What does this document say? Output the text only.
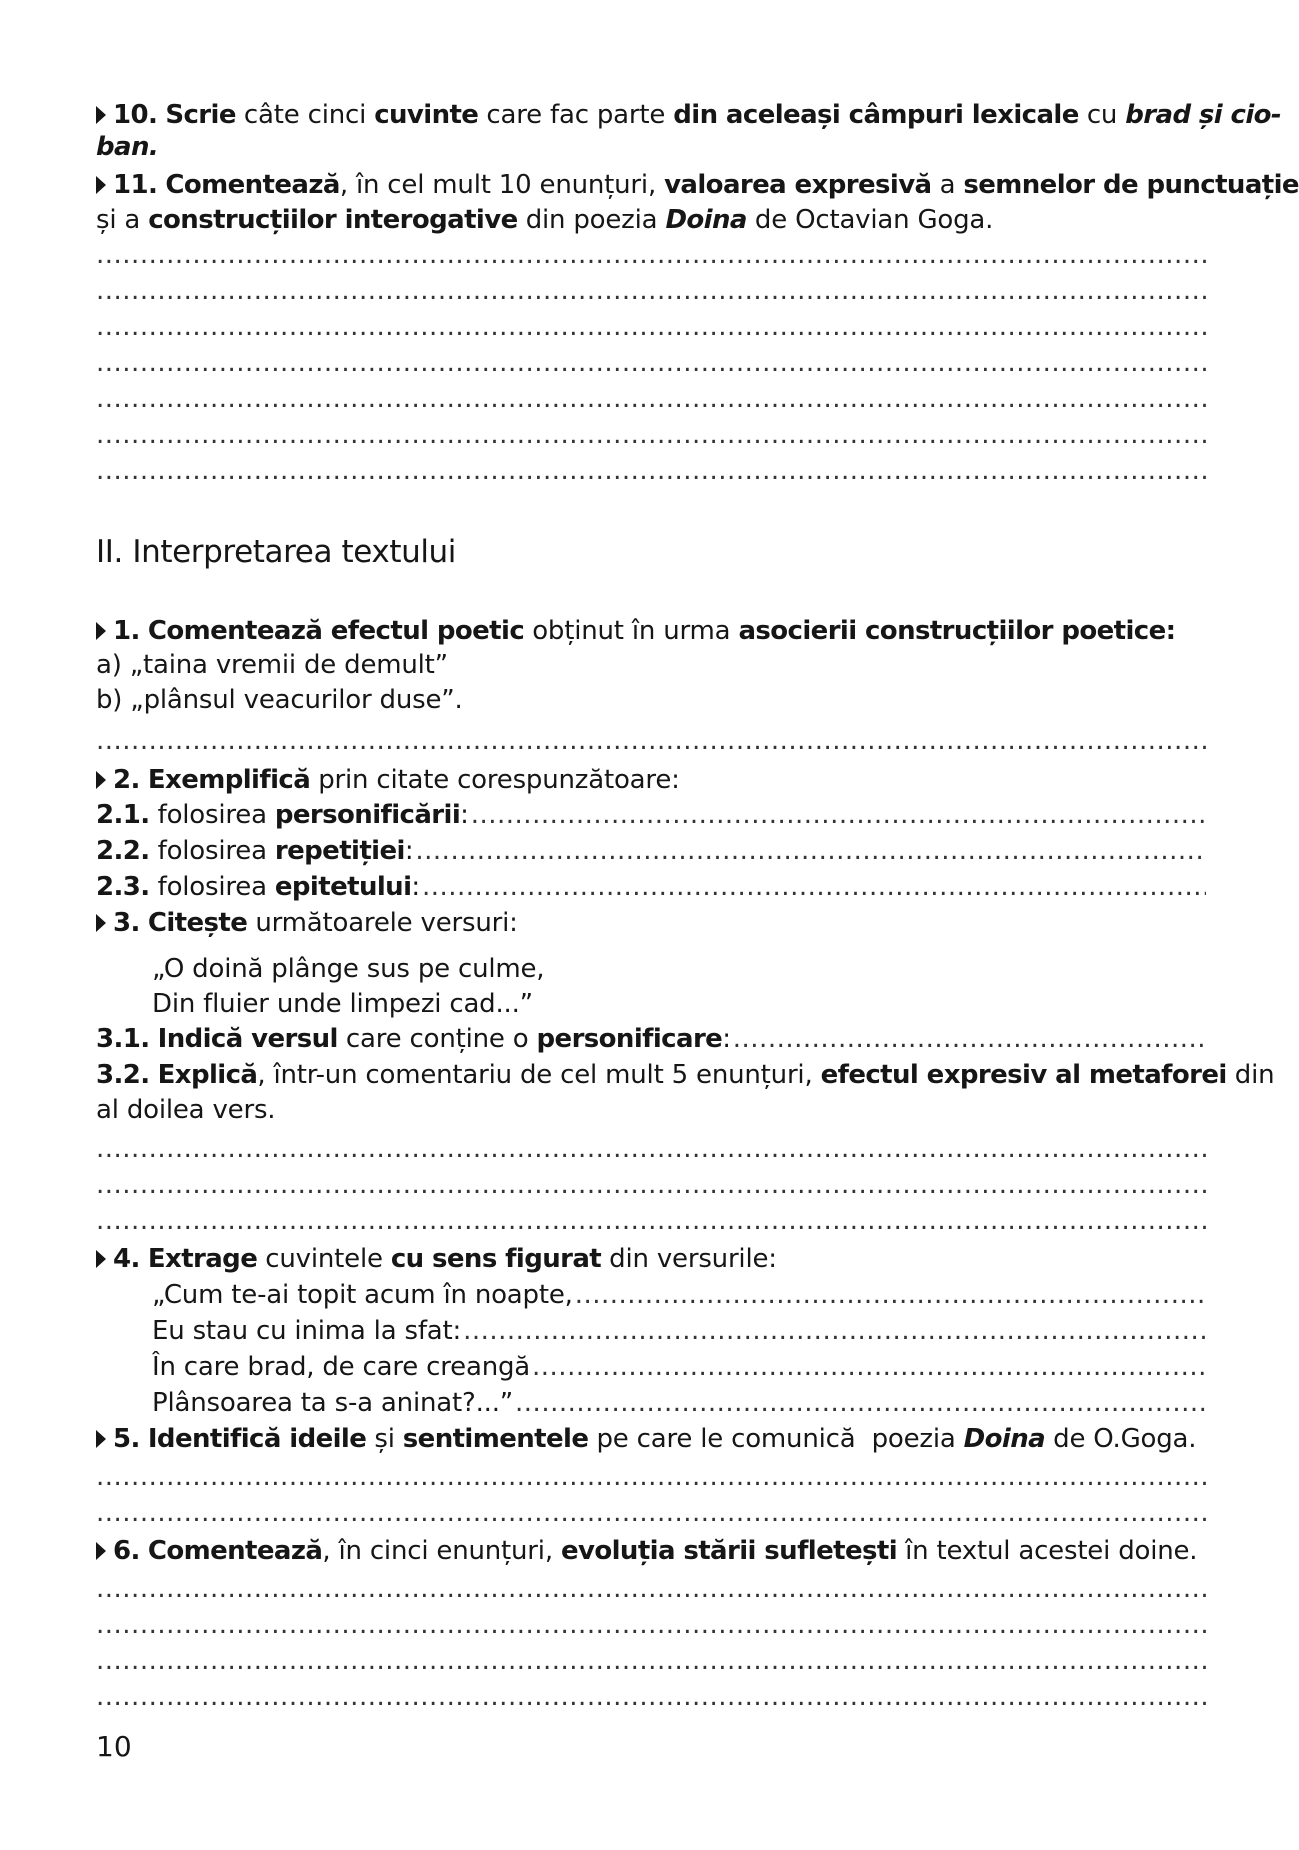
10. Scrie câte cinci cuvinte care fac parte din aceleași câmpuri lexicale cu brad și cio-
ban.
11. Comentează, în cel mult 10 enunțuri, valoarea expresivă a semnelor de punctuație
și a construcțiilor interogative din poezia Doina de Octavian Goga.
.....
.....
.....
.....
.....
.....
.....
II. Interpretarea textului
1. Comentează efectul poetic obținut în urma asocierii construcțiilor poetice:
a) „taina vremii de demult”
b) „plânsul veacurilor duse”.
.....
2. Exemplifică prin citate corespunzătoare:
2.1. folosirea personificării :
.....
2.2. folosirea repetiției :
.....
2.3. folosirea epitetului :
.....
3. Citește următoarele versuri:
„O doină plânge sus pe culme,
Din fluier unde limpezi cad...”
3.1.
Indică versul care conține o personificare :
.....
3.2. Explică, într-un comentariu de cel mult 5 enunțuri, efectul expresiv al metaforei din
al doilea vers.
.....
.....
.....
4. Extrage cuvintele cu sens figurat din versurile:
„Cum te-ai topit acum în noapte,
.....
Eu stau cu inima la sfat:
.....
În care brad, de care creangă
.....
Plânsoarea ta s-a aninat?...”
.....
5. Identifică ideile și sentimentele pe care le comunică  poezia Doina de O.Goga.
.....
.....
6. Comentează, în cinci enunțuri, evoluția stării sufletești în textul acestei doine.
.....
.....
.....
.....
10
